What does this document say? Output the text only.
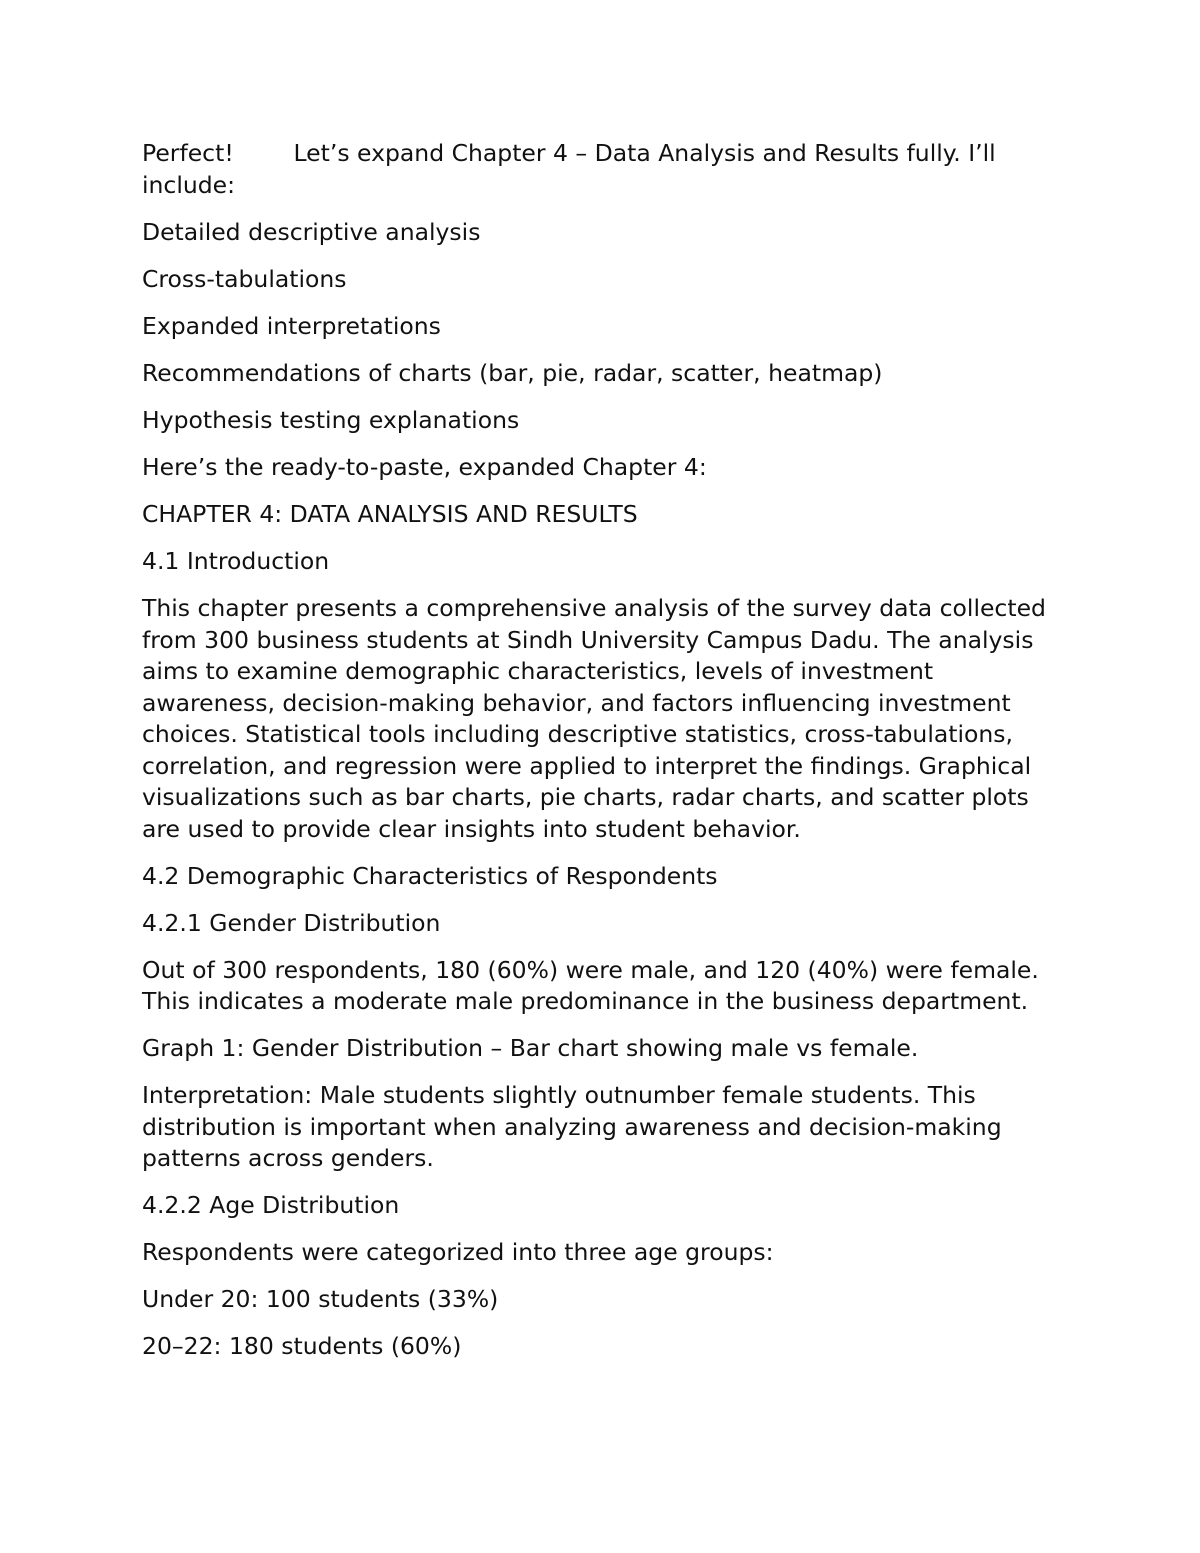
Perfect!        Let’s expand Chapter 4 – Data Analysis and Results fully. I’ll include:

Detailed descriptive analysis

Cross-tabulations

Expanded interpretations

Recommendations of charts (bar, pie, radar, scatter, heatmap)

Hypothesis testing explanations

Here’s the ready-to-paste, expanded Chapter 4:

CHAPTER 4: DATA ANALYSIS AND RESULTS

4.1 Introduction

This chapter presents a comprehensive analysis of the survey data collected from 300 business students at Sindh University Campus Dadu. The analysis aims to examine demographic characteristics, levels of investment awareness, decision-making behavior, and factors influencing investment choices. Statistical tools including descriptive statistics, cross-tabulations, correlation, and regression were applied to interpret the findings. Graphical visualizations such as bar charts, pie charts, radar charts, and scatter plots are used to provide clear insights into student behavior.

4.2 Demographic Characteristics of Respondents

4.2.1 Gender Distribution

Out of 300 respondents, 180 (60%) were male, and 120 (40%) were female. This indicates a moderate male predominance in the business department.

Graph 1: Gender Distribution – Bar chart showing male vs female.

Interpretation: Male students slightly outnumber female students. This distribution is important when analyzing awareness and decision-making patterns across genders.

4.2.2 Age Distribution

Respondents were categorized into three age groups:

Under 20: 100 students (33%)

20–22: 180 students (60%)
